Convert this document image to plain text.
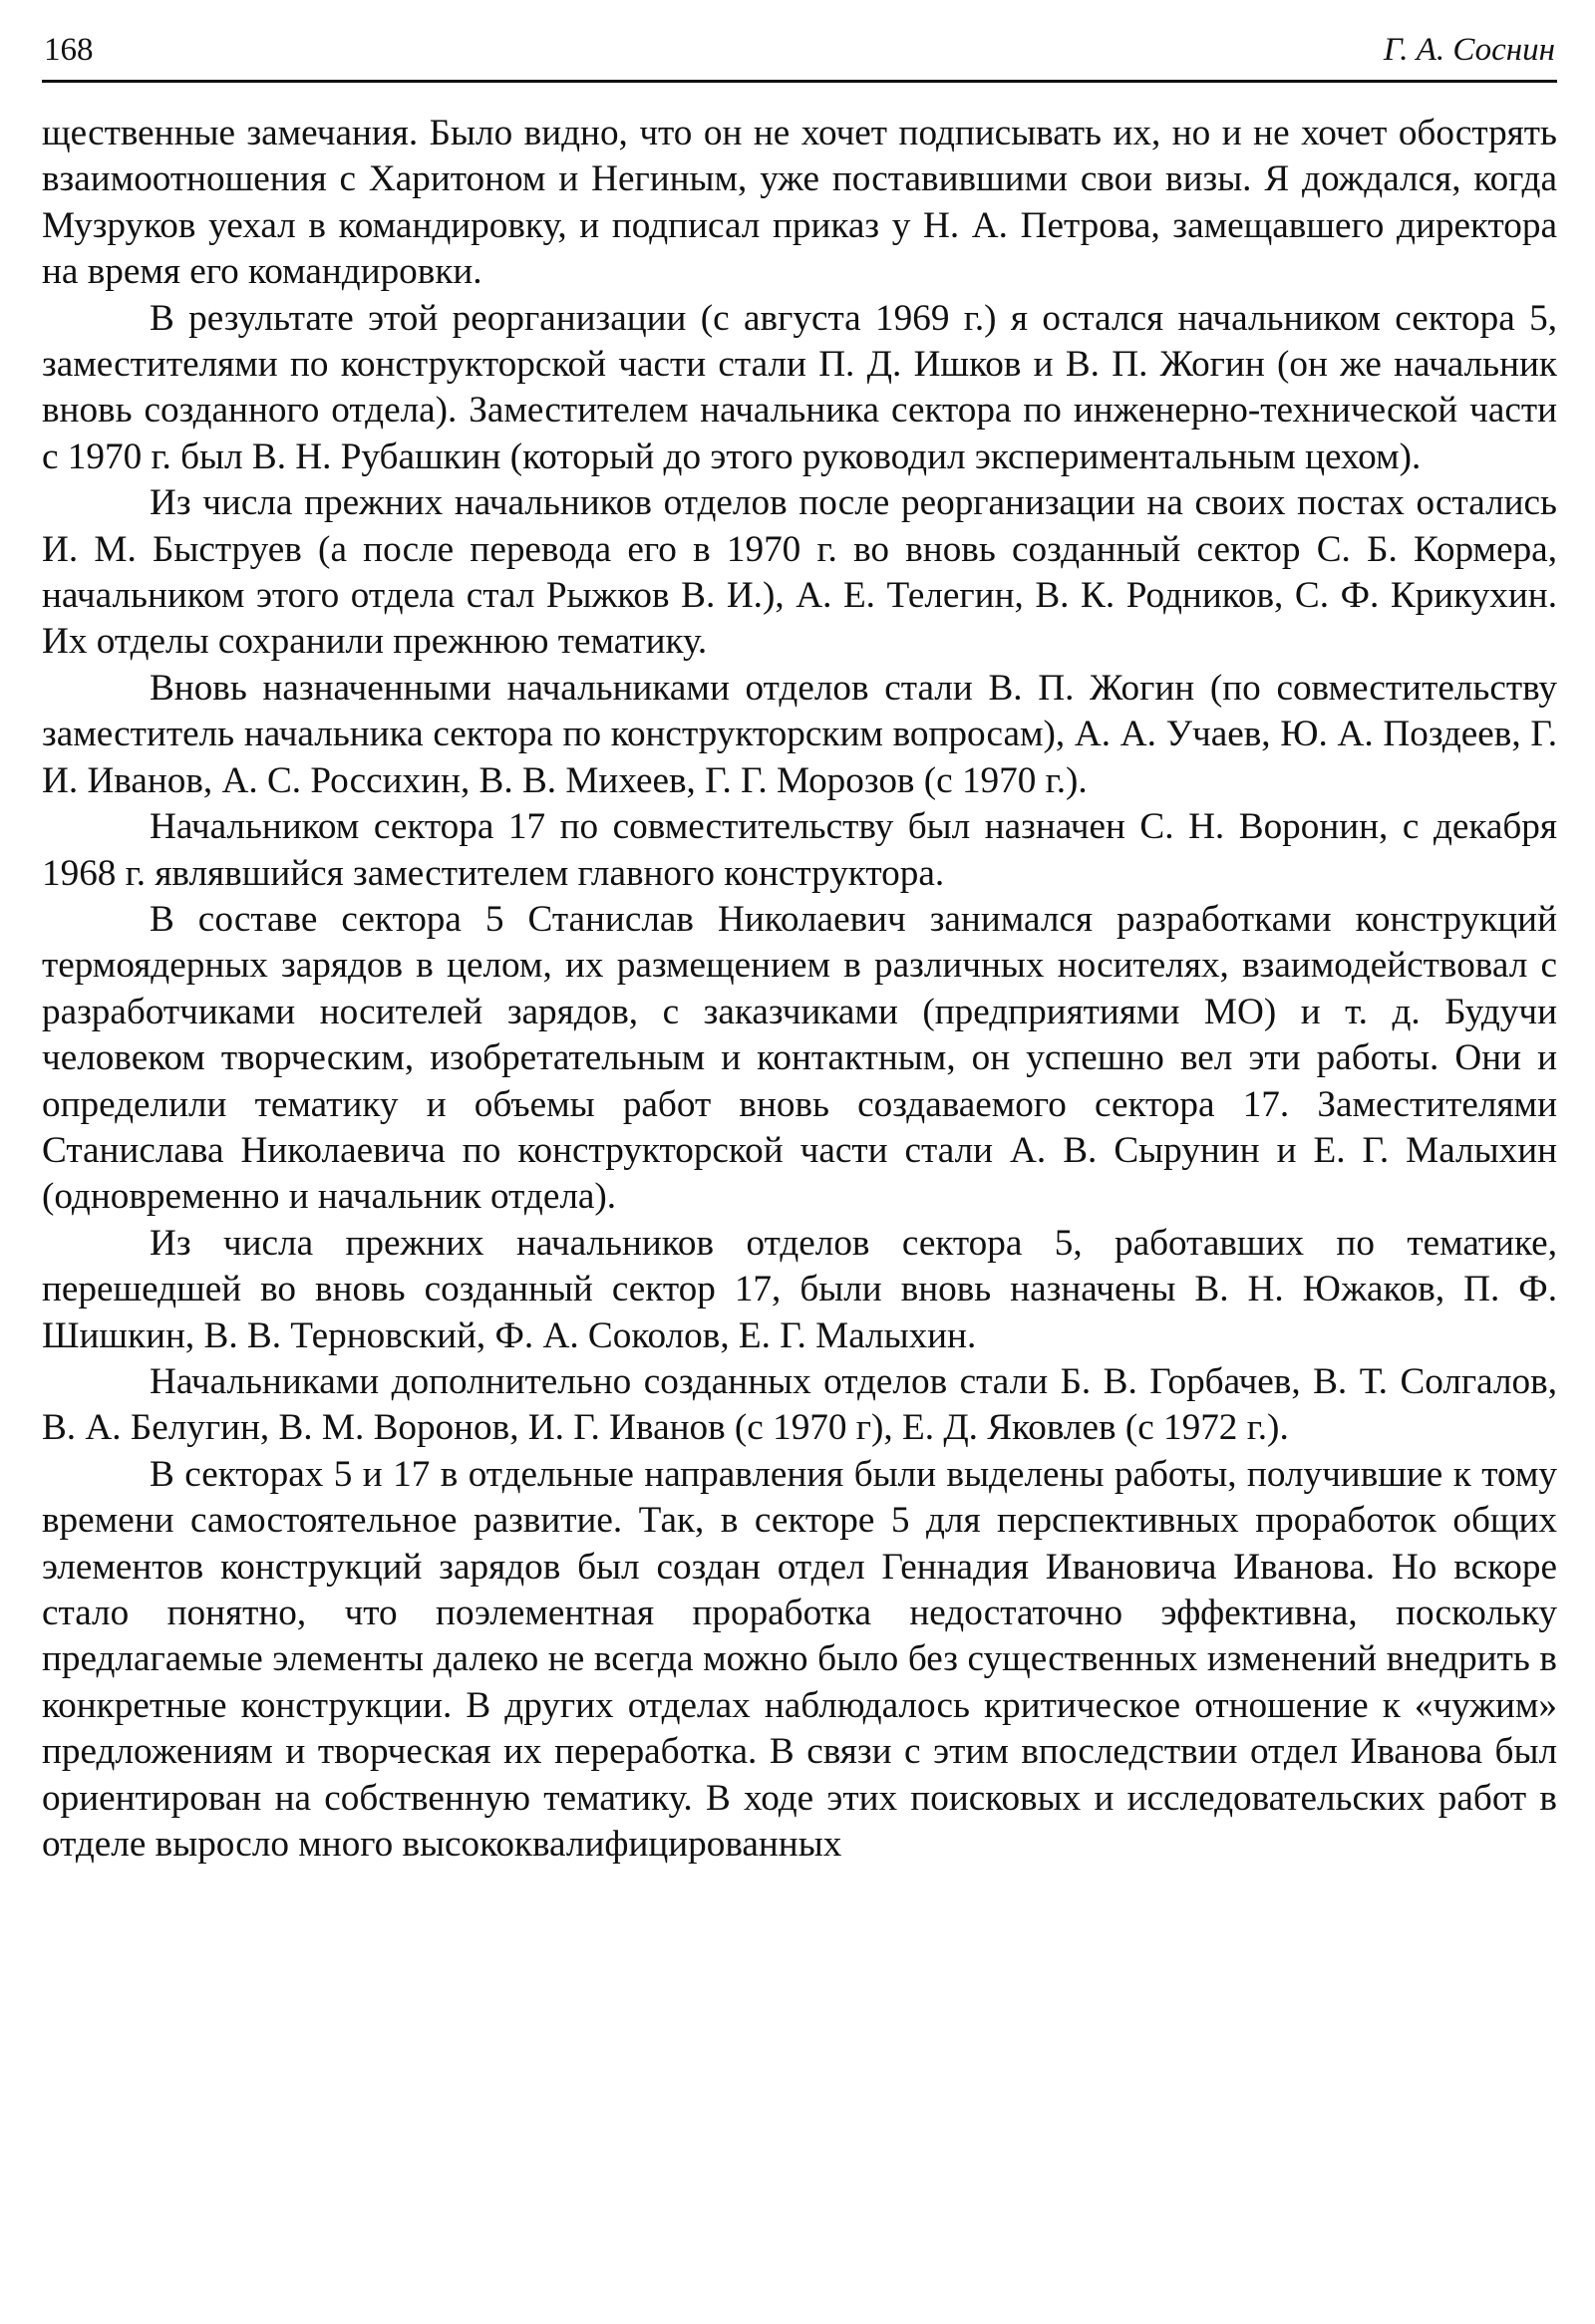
168	Г. А. Соснин

щественные замечания. Было видно, что он не хочет подписывать их, но и не хочет обострять взаимоотношения с Харитоном и Негиным, уже поставившими свои визы. Я дождался, когда Музруков уехал в командировку, и подписал приказ у Н. А. Петрова, замещавшего директора на время его командировки.

В результате этой реорганизации (с августа 1969 г.) я остался начальником сектора 5, заместителями по конструкторской части стали П. Д. Ишков и В. П. Жогин (он же начальник вновь созданного отдела). Заместителем начальника сектора по инженерно-технической части с 1970 г. был В. Н. Рубашкин (который до этого руководил экспериментальным цехом).

Из числа прежних начальников отделов после реорганизации на своих постах остались И. М. Быструев (а после перевода его в 1970 г. во вновь созданный сектор С. Б. Кормера, начальником этого отдела стал Рыжков В. И.), А. Е. Телегин, В. К. Родников, С. Ф. Крикухин. Их отделы сохранили прежнюю тематику.

Вновь назначенными начальниками отделов стали В. П. Жогин (по совместительству заместитель начальника сектора по конструкторским вопросам), А. А. Учаев, Ю. А. Поздеев, Г. И. Иванов, А. С. Россихин, В. В. Михеев, Г. Г. Морозов (с 1970 г.).

Начальником сектора 17 по совместительству был назначен С. Н. Воронин, с декабря 1968 г. являвшийся заместителем главного конструктора.

В составе сектора 5 Станислав Николаевич занимался разработками конструкций термоядерных зарядов в целом, их размещением в различных носителях, взаимодействовал с разработчиками носителей зарядов, с заказчиками (предприятиями МО) и т. д. Будучи человеком творческим, изобретательным и контактным, он успешно вел эти работы. Они и определили тематику и объемы работ вновь создаваемого сектора 17. Заместителями Станислава Николаевича по конструкторской части стали А. В. Сырунин и Е. Г. Малыхин (одновременно и начальник отдела).

Из числа прежних начальников отделов сектора 5, работавших по тематике, перешедшей во вновь созданный сектор 17, были вновь назначены В. Н. Южаков, П. Ф. Шишкин, В. В. Терновский, Ф. А. Соколов, Е. Г. Малыхин.

Начальниками дополнительно созданных отделов стали Б. В. Горбачев, В. Т. Солгалов, В. А. Белугин, В. М. Воронов, И. Г. Иванов (с 1970 г), Е. Д. Яковлев (с 1972 г.).

В секторах 5 и 17 в отдельные направления были выделены работы, получившие к тому времени самостоятельное развитие. Так, в секторе 5 для перспективных проработок общих элементов конструкций зарядов был создан отдел Геннадия Ивановича Иванова. Но вскоре стало понятно, что поэлементная проработка недостаточно эффективна, поскольку предлагаемые элементы далеко не всегда можно было без существенных изменений внедрить в конкретные конструкции. В других отделах наблюдалось критическое отношение к «чужим» предложениям и творческая их переработка. В связи с этим впоследствии отдел Иванова был ориентирован на собственную тематику. В ходе этих поисковых и исследовательских работ в отделе выросло много высококвалифицированных
